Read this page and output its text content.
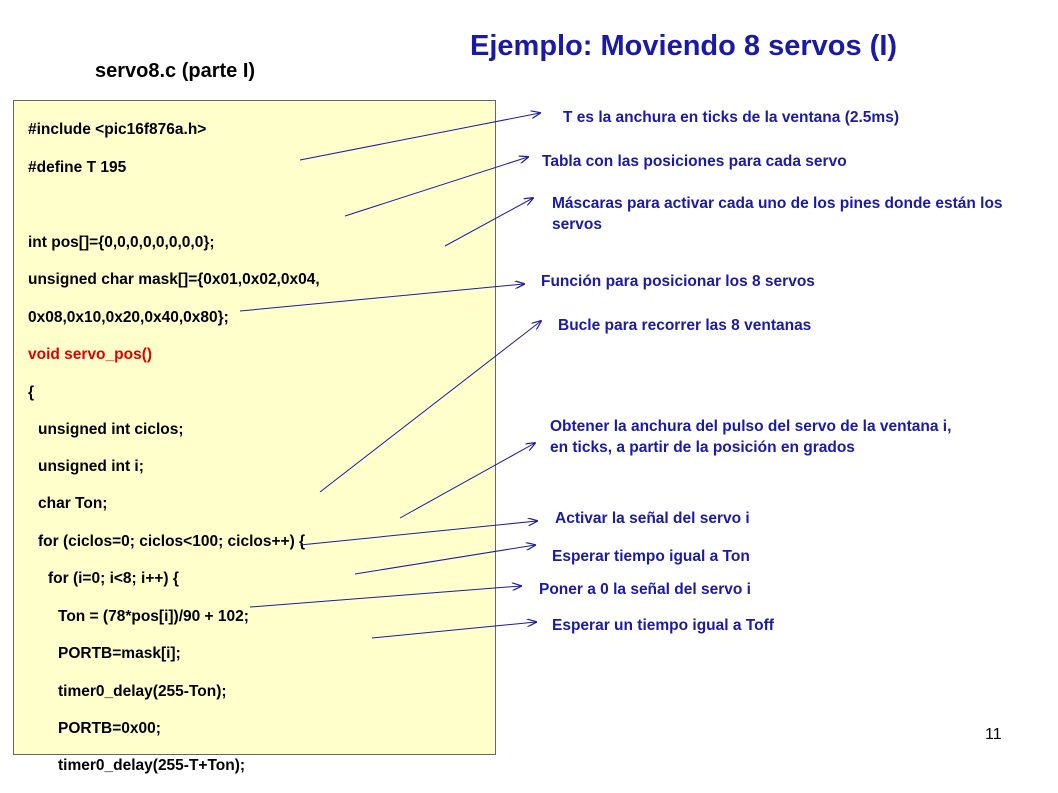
Ejemplo: Moviendo 8 servos (I)
servo8.c (parte I)
#include <pic16f876a.h>
#define T 195
int pos[]={0,0,0,0,0,0,0,0};
unsigned char mask[]={0x01,0x02,0x04,
0x08,0x10,0x20,0x40,0x80};
void servo_pos()
{
unsigned int ciclos;
unsigned int i;
char Ton;
for (ciclos=0; ciclos<100; ciclos++) {
for (i=0; i<8; i++) {
Ton = (78*pos[i])/90 + 102;
PORTB=mask[i];
timer0_delay(255-Ton);
PORTB=0x00;
timer0_delay(255-T+Ton);
T es la anchura en ticks de la ventana (2.5ms)
Tabla con las posiciones para cada servo
Máscaras para activar cada uno de los pines donde están los servos
Función para posicionar los 8 servos
Bucle para recorrer las 8 ventanas
Obtener la anchura del pulso del servo de la ventana i, en ticks, a partir de la posición en grados
Activar la señal del servo i
Esperar tiempo igual a Ton
Poner a 0 la señal del servo i
Esperar un tiempo igual a Toff
11
